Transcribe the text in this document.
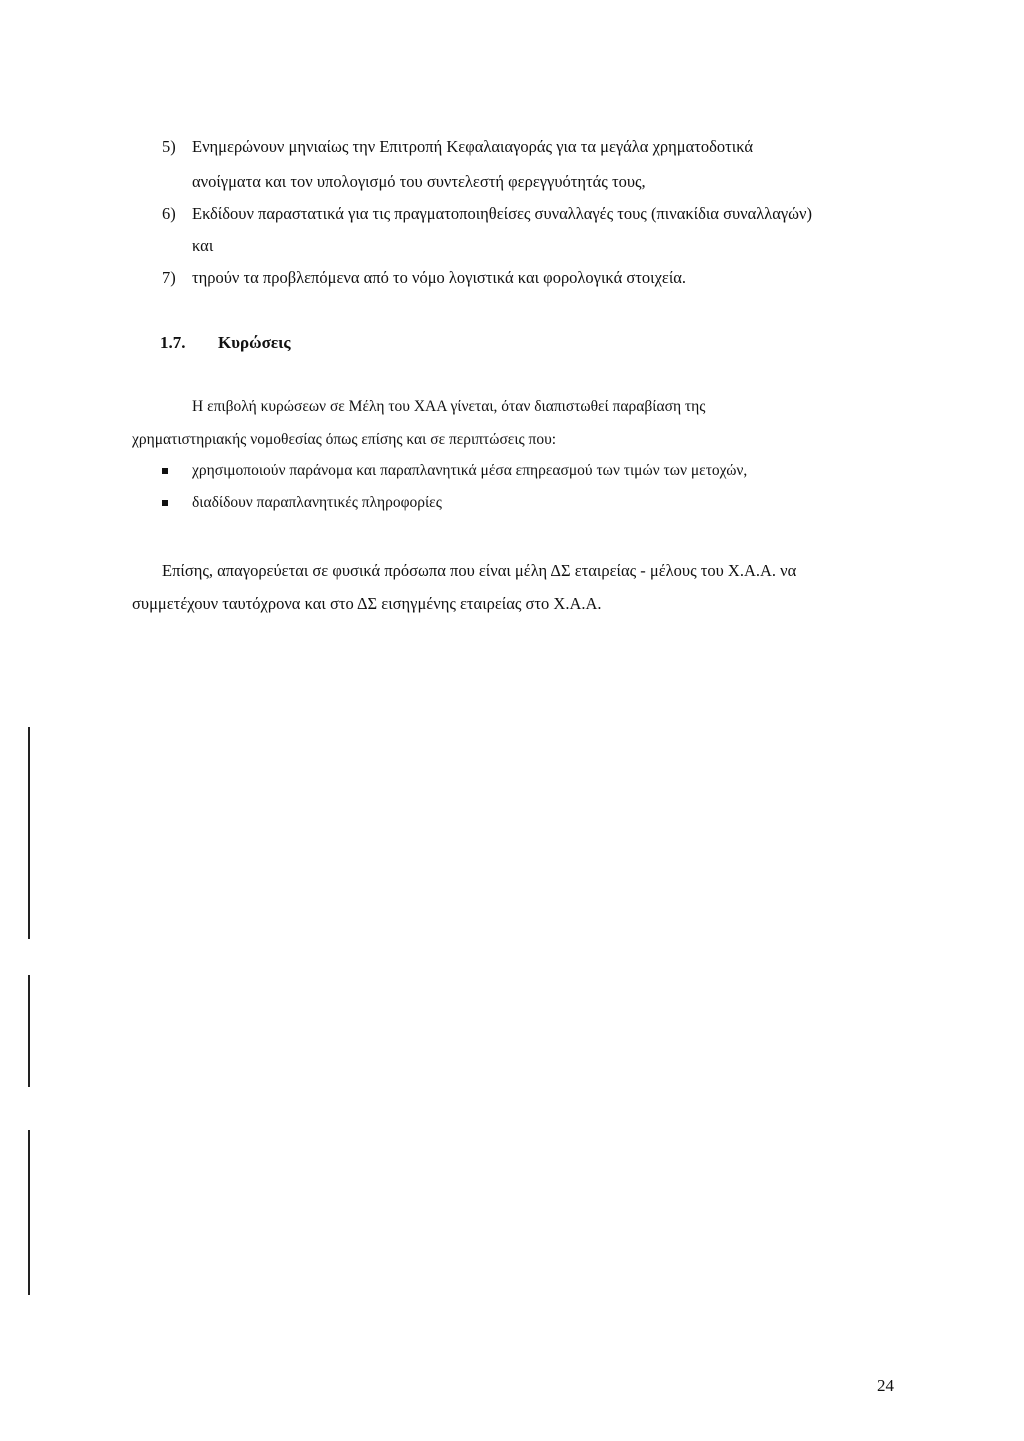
5) Ενημερώνουν μηνιαίως την Επιτροπή Κεφαλαιαγοράς για τα μεγάλα χρηματοδοτικά
ανοίγματα και τον υπολογισμό του συντελεστή φερεγγυότητάς τους,
6) Εκδίδουν παραστατικά για τις πραγματοποιηθείσες συναλλαγές τους (πινακίδια συναλλαγών)
και
7) τηρούν τα προβλεπόμενα από το νόμο λογιστικά και φορολογικά στοιχεία.
1.7. Κυρώσεις
Η επιβολή κυρώσεων σε Μέλη του ΧΑΑ γίνεται, όταν διαπιστωθεί παραβίαση της
χρηματιστηριακής νομοθεσίας όπως επίσης και σε περιπτώσεις που:
χρησιμοποιούν παράνομα και παραπλανητικά μέσα επηρεασμού των τιμών των μετοχών,
διαδίδουν παραπλανητικές πληροφορίες
Επίσης, απαγορεύεται σε φυσικά πρόσωπα που είναι μέλη ΔΣ εταιρείας - μέλους του Χ.Α.Α. να
συμμετέχουν ταυτόχρονα και στο ΔΣ εισηγμένης εταιρείας στο Χ.Α.Α.
24
